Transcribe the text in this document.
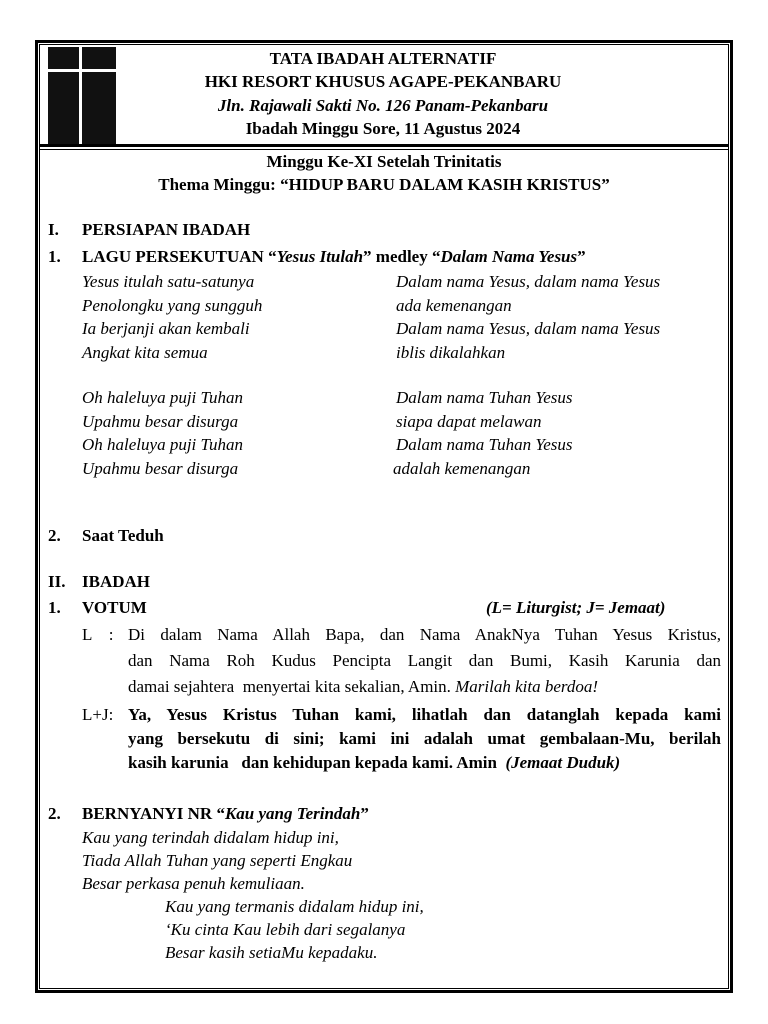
TATA IBADAH ALTERNATIF
HKI RESORT KHUSUS AGAPE-PEKANBARU
Jln. Rajawali Sakti No. 126 Panam-Pekanbaru
Ibadah Minggu Sore, 11 Agustus 2024
Minggu Ke-XI Setelah Trinitatis
Thema Minggu: “HIDUP BARU DALAM KASIH KRISTUS”
I. PERSIAPAN IBADAH
1. LAGU PERSEKUTUAN “Yesus Itulah” medley “Dalam Nama Yesus”
Yesus itulah satu-satunya
Penolongku yang sungguh
Ia berjanji akan kembali
Angkat kita semua
Oh haleluya puji Tuhan
Upahmu besar disurga
Oh haleluya puji Tuhan
Upahmu besar disurga
Dalam nama Yesus, dalam nama Yesus
ada kemenangan
Dalam nama Yesus, dalam nama Yesus
iblis dikalahkan
Dalam nama Tuhan Yesus
siapa dapat melawan
Dalam nama Tuhan Yesus
adalah kemenangan
2. Saat Teduh
II. IBADAH
1. VOTUM	(L= Liturgist; J= Jemaat)
L    : Di dalam Nama Allah Bapa, dan Nama AnakNya Tuhan Yesus Kristus,
dan Nama Roh Kudus Pencipta Langit dan Bumi, Kasih Karunia dan
damai sejahtera  menyertai kita sekalian, Amin. Marilah kita berdoa!
L+J: Ya, Yesus Kristus Tuhan kami, lihatlah dan datanglah kepada kami
yang bersekutu di sini; kami ini adalah umat gembalaan-Mu, berilah
kasih karunia   dan kehidupan kepada kami. Amin  (Jemaat Duduk)
2. BERNYANYI NR “Kau yang Terindah”
Kau yang terindah didalam hidup ini,
Tiada Allah Tuhan yang seperti Engkau
Besar perkasa penuh kemuliaan.
Kau yang termanis didalam hidup ini,
‘Ku cinta Kau lebih dari segalanya
Besar kasih setiaMu kepadaku.
